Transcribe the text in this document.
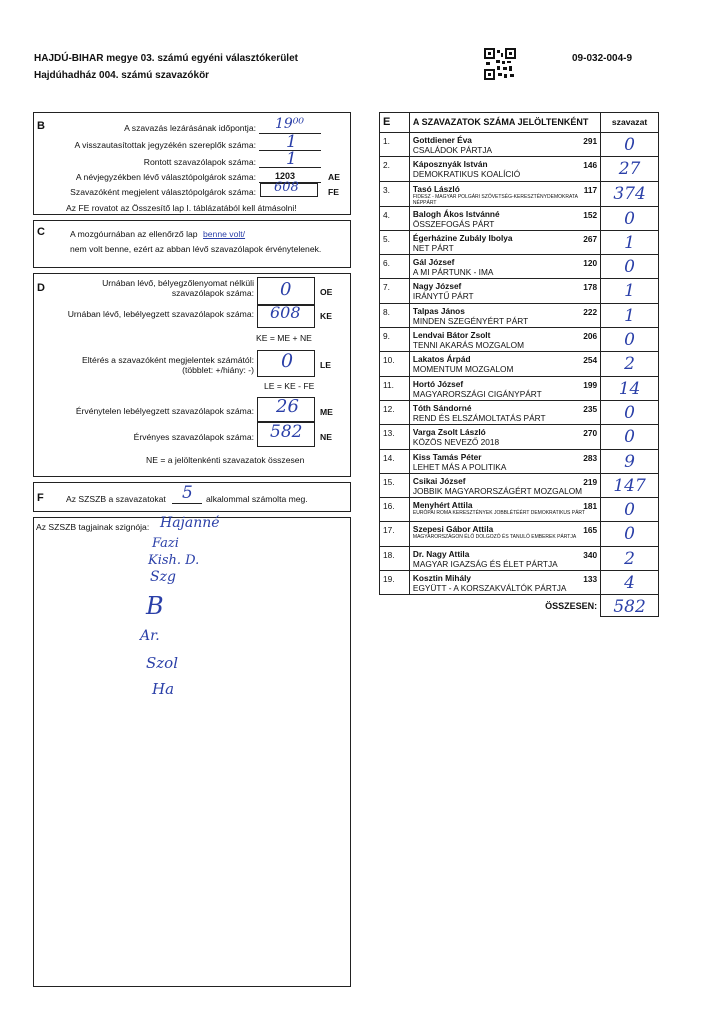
HAJDÚ-BIHAR megye 03. számú egyéni választókerület
Hajdúhadház 004. számú szavazókör
09-032-004-9
B	A szavazás lezárásának időpontja: 19⁰⁰
A visszautasítottak jegyzékén szereplők száma: 1
Rontott szavazólapok száma: 1
A névjegyzékben lévő választópolgárok száma: 1203	AE
Szavazóként megjelent választópolgárok száma: 608	FE
Az FE rovatot az Összesítő lap I. táblázatából kell átmásolni!
C	A mozgóurnában az ellenőrző lap benne volt/
nem volt benne, ezért az abban lévő szavazólapok érvénytelenek.
D	Urnában lévő, bélyegzőlenyomat nélküli
szavazólapok száma: 0	OE
Urnában lévő, lebélyegzett szavazólapok száma: 608 KE
KE = ME + NE
Eltérés a szavazóként megjelentek számától:
(többlet: +/hiány: -) 0	LE
LE = KE - FE
Érvénytelen lebélyegzett szavazólapok száma: 26 ME
Érvényes szavazólapok száma: 582 NE
NE = a jelöltenkénti szavazatok összesen
F	Az SZSZB a szavazatokat 5 alkalommal számolta meg.
Az SZSZB tagjainak szignója: Hajanné
Fazi
Kish. D.
Szg
B
Ar.
Szol
Ha
E	A SZAVAZATOK SZÁMA JELÖLTENKÉNT	szavazat
1.	Gottdiener Éva
CSALÁDOK PÁRTJA
291	0

2.	Káposznyák István
DEMOKRATIKUS KOALÍCIÓ
146	27

3.	Tasó László
FIDESZ - MAGYAR POLGÁRI SZÖVETSÉG-KERESZTÉNYDEMOKRATA NÉPPÁRT
117	374

4.	Balogh Ákos Istvánné
ÖSSZEFOGÁS PÁRT
152	0

5.	Égerházine Zubály Ibolya
NET PÁRT
267	1

6.	Gál József
A MI PÁRTUNK - IMA
120	0

7.	Nagy József
IRÁNYTŰ PÁRT
178	1

8.	Talpas János
MINDEN SZEGÉNYÉRT PÁRT
222	1

9.	Lendvai Bátor Zsolt
TENNI AKARÁS MOZGALOM
206	0

10.	Lakatos Árpád
MOMENTUM MOZGALOM
254	2

11.	Hortó József
MAGYARORSZÁGI CIGÁNYPÁRT
199	14

12.	Tóth Sándorné
REND ÉS ELSZÁMOLTATÁS PÁRT
235	0

13.	Varga Zsolt László
KÖZÖS NEVEZŐ 2018
270	0

14.	Kiss Tamás Péter
LEHET MÁS A POLITIKA
283	9

15.	Csikai József
JOBBIK MAGYARORSZÁGÉRT MOZGALOM
219	147

16.	Menyhért Attila
EURÓPAI ROMA KERESZTÉNYEK JOBBLÉTÉÉRT DEMOKRATIKUS PÁRT
181	0

17.	Szepesi Gábor Attila
MAGYARORSZÁGON ÉLŐ DOLGOZÓ ÉS TANULÓ EMBEREK PÁRTJA
165	0

18.	Dr. Nagy Attila
MAGYAR IGAZSÁG ÉS ÉLET PÁRTJA
340	2

19.	Kosztin Mihály
EGYÜTT - A KORSZAKVÁLTÓK PÁRTJA
133	4

	ÖSSZESEN:	582
